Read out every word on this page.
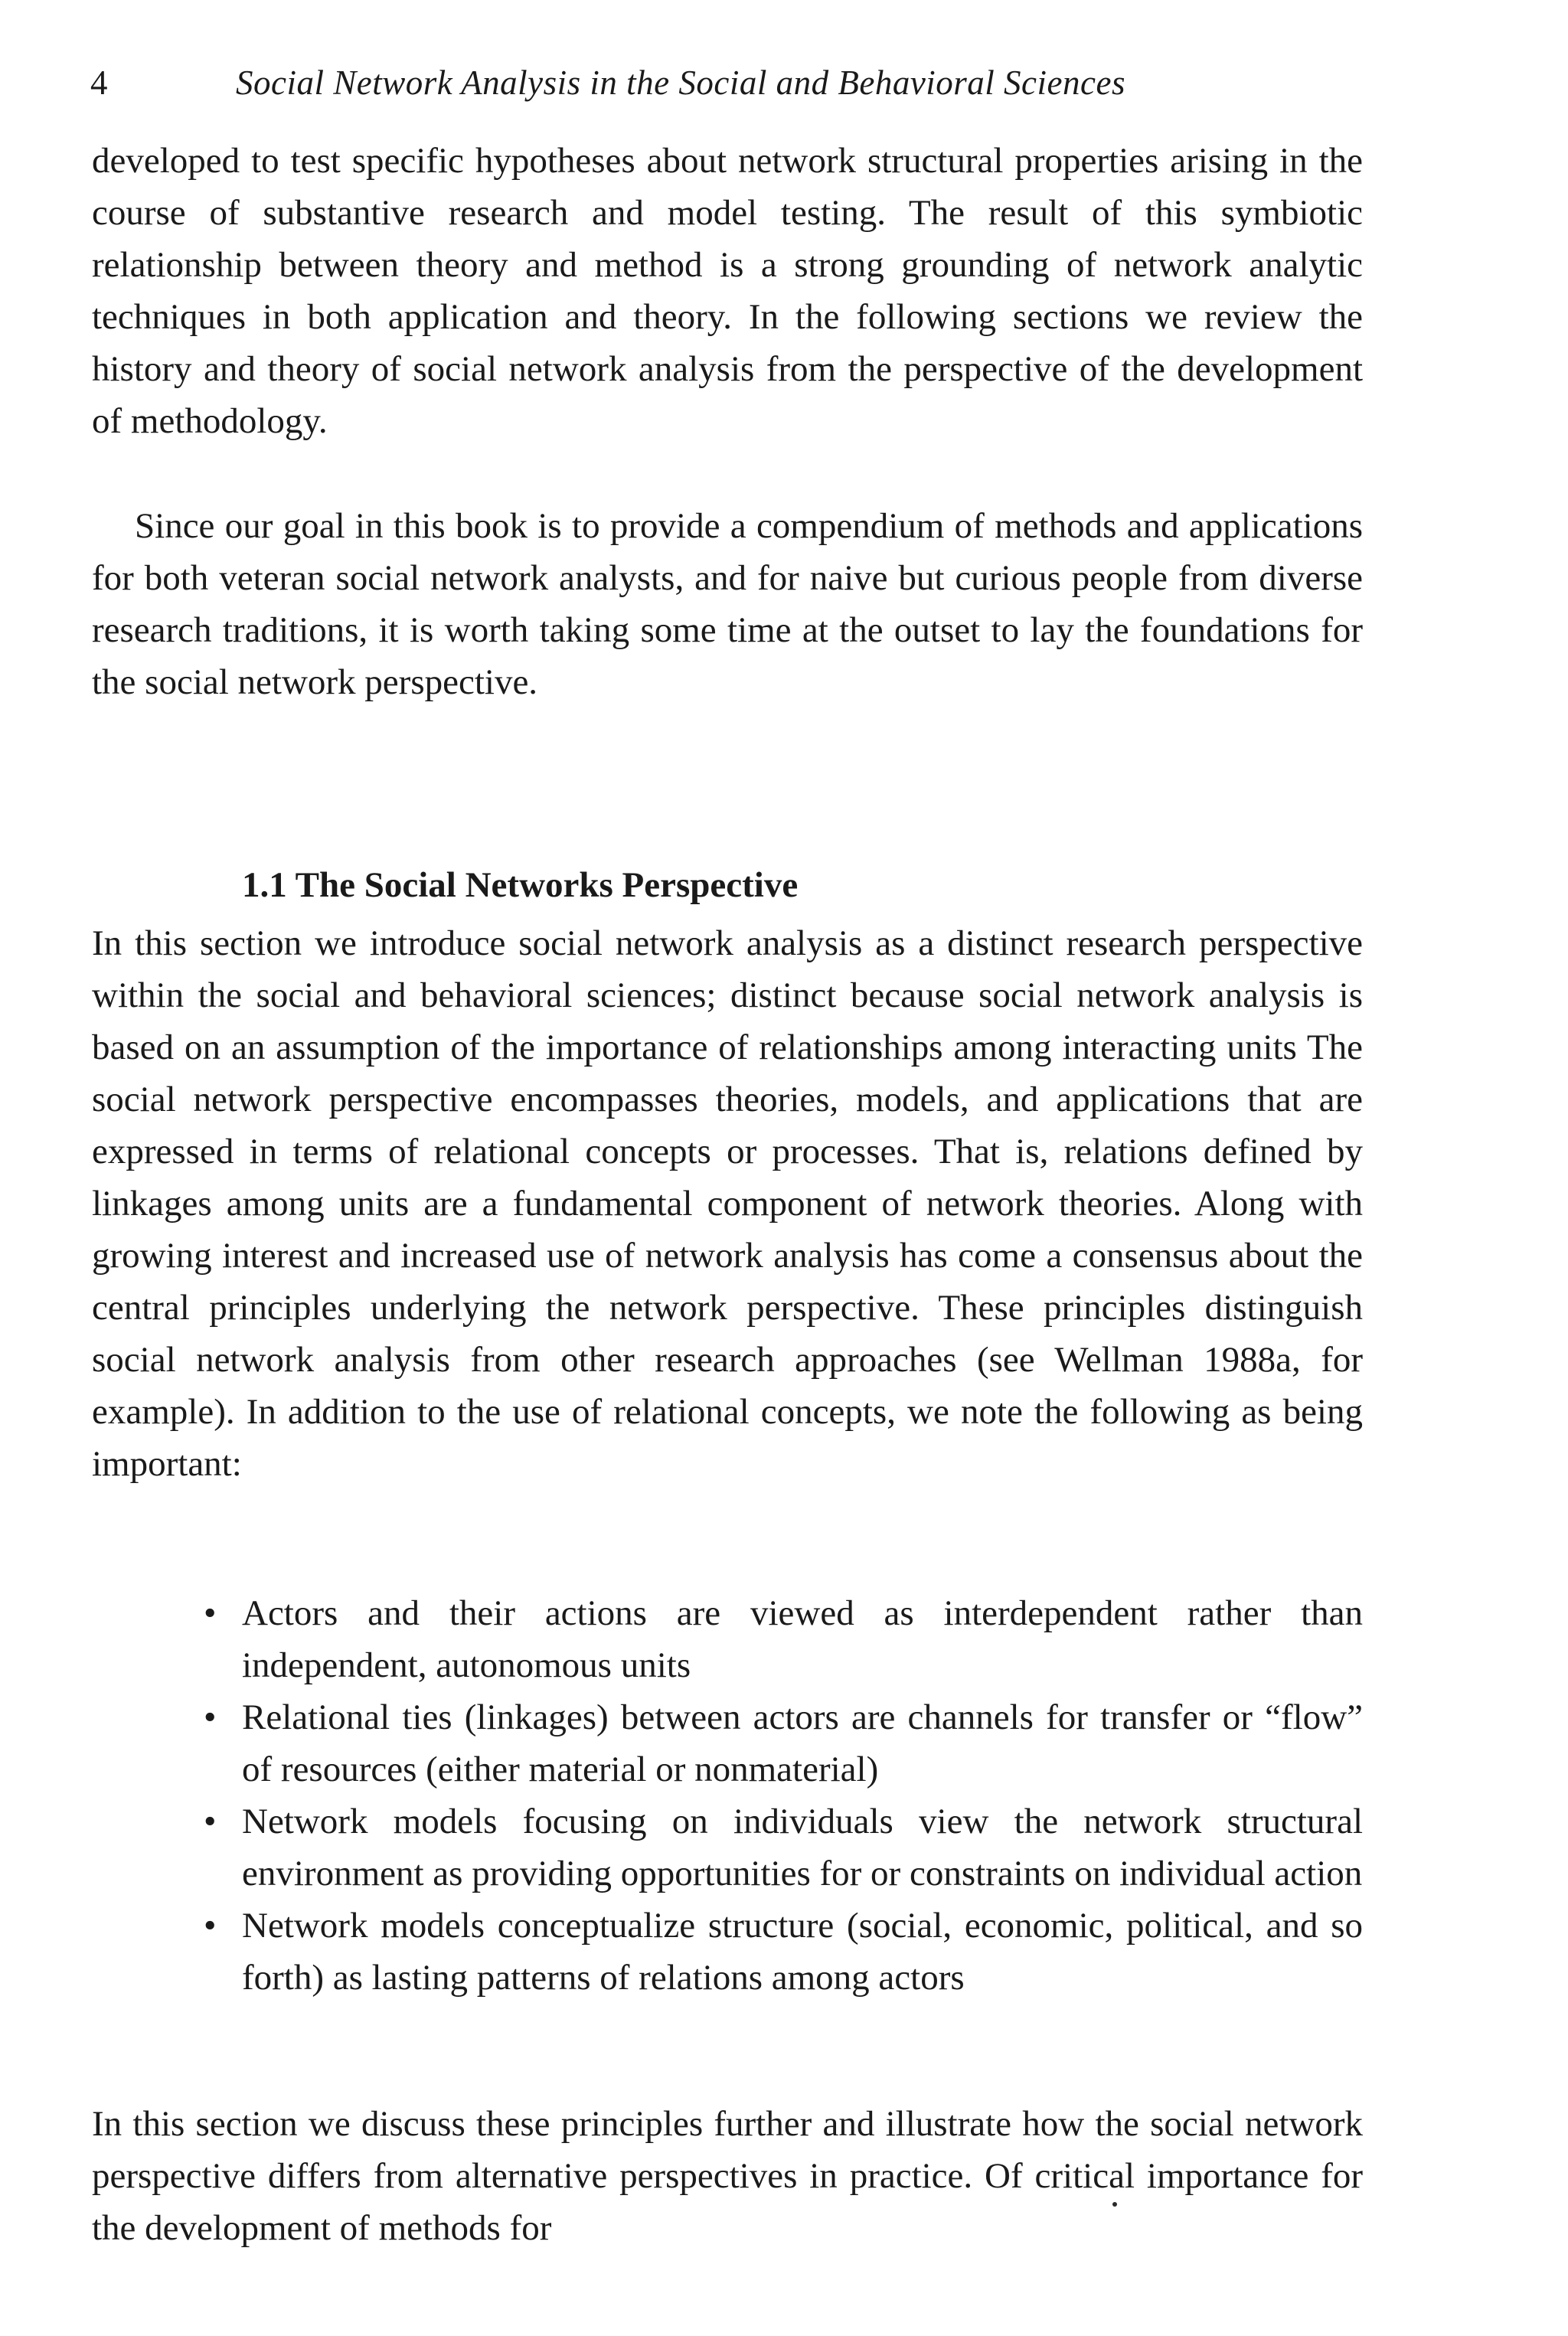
4	Social Network Analysis in the Social and Behavioral Sciences

developed to test specific hypotheses about network structural properties arising in the course of substantive research and model testing. The result of this symbiotic relationship between theory and method is a strong grounding of network analytic techniques in both application and theory. In the following sections we review the history and theory of social network analysis from the perspective of the development of methodology.

Since our goal in this book is to provide a compendium of methods and applications for both veteran social network analysts, and for naive but curious people from diverse research traditions, it is worth taking some time at the outset to lay the foundations for the social network perspective.

1.1 The Social Networks Perspective

In this section we introduce social network analysis as a distinct research perspective within the social and behavioral sciences; distinct because social network analysis is based on an assumption of the importance of relationships among interacting units The social network perspective encompasses theories, models, and applications that are expressed in terms of relational concepts or processes. That is, relations defined by linkages among units are a fundamental component of network theories. Along with growing interest and increased use of network analysis has come a consensus about the central principles underlying the network perspective. These principles distinguish social network analysis from other research approaches (see Wellman 1988a, for example). In addition to the use of relational concepts, we note the following as being important:

• Actors and their actions are viewed as interdependent rather than independent, autonomous units
• Relational ties (linkages) between actors are channels for transfer or “flow” of resources (either material or nonmaterial)
• Network models focusing on individuals view the network structural environment as providing opportunities for or constraints on individual action
• Network models conceptualize structure (social, economic, political, and so forth) as lasting patterns of relations among actors

In this section we discuss these principles further and illustrate how the social network perspective differs from alternative perspectives in practice. Of critical importance for the development of methods for
